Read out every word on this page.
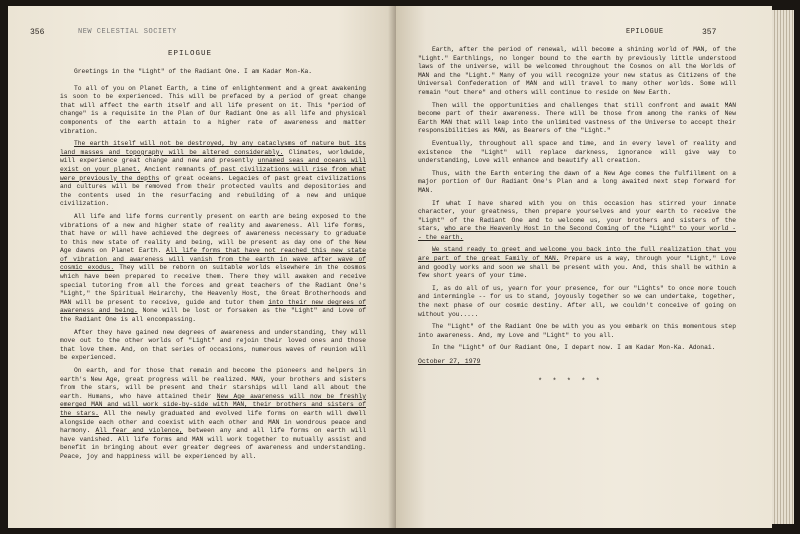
356	NEW CELESTIAL SOCIETY
EPILOGUE

Greetings in the "Light" of the Radiant One. I am Kadar Mon-Ka.

To all of you on Planet Earth, a time of enlightenment and a great awakening is soon to be experienced. This will be prefaced by a period of great change that will affect the earth itself and all life present on it. This "period of change" is a requisite in the Plan of Our Radiant One as all life and physical components of the earth attain to a higher rate of awareness and matter vibration.

The earth itself will not be destroyed, by any cataclysms of nature but its land masses and topography will be altered considerably. Climates, worldwide, will experience great change and new and presently unnamed seas and oceans will exist on your planet. Ancient remnants of past civilizations will rise from what were previously the depths of great oceans. Legacies of past great civilizations and cultures will be removed from their protected vaults and depositories and the contents used in the resurfacing and rebuilding of a new and unique civilization.

All life and life forms currently present on earth are being exposed to the vibrations of a new and higher state of reality and awareness. All life forms, that have or will have achieved the degrees of awareness necessary to graduate to this new state of reality and being, will be present as day one of the New Age dawns on Planet Earth. All life forms that have not reached this new state of vibration and awareness will vanish from the earth in wave after wave of cosmic exodus. They will be reborn on suitable worlds elsewhere in the cosmos which have been prepared to receive them. There they will awaken and receive special tutoring from all the forces and great teachers of the Radiant One's "Light," the Spiritual Heirarchy, the Heavenly Host, the Great Brotherhoods and MAN will be present to receive, guide and tutor them into their new degrees of awareness and being. None will be lost or forsaken as the "Light" and Love of the Radiant One is all encompassing.

After they have gained new degrees of awareness and understanding, they will move out to the other worlds of "Light" and rejoin their loved ones and those that love them. And, on that series of occasions, numerous waves of reunion will be experienced.

On earth, and for those that remain and become the pioneers and helpers in earth's New Age, great progress will be realized. MAN, your brothers and sisters from the stars, will be present and their starships will land all about the earth. Humans, who have attained their New Age awareness will now be freshly emerged MAN and will work side-by-side with MAN, their brothers and sisters of the stars. All the newly graduated and evolved life forms on earth will dwell alongside each other and coexist with each other and MAN in wondrous peace and harmony. All fear and violence, between any and all life forms on earth will have vanished. All life forms and MAN will work together to mutually assist and benefit in bringing about ever greater degrees of awareness and understanding. Peace, joy and happiness will be experienced by all.

EPILOGUE	357

Earth, after the period of renewal, will become a shining world of MAN, of the "Light." Earthlings, no longer bound to the earth by previously little understood laws of the universe, will be welcomed throughout the Cosmos on all the Worlds of MAN and the "Light." Many of you will recognize your new status as Citizens of the Universal Confederation of MAN and will travel to many other worlds. Some will remain "out there" and others will continue to reside on New Earth.

Then will the opportunities and challenges that still confront and await MAN become part of their awareness. There will be those from among the ranks of New Earth MAN that will leap into the unlimited vastness of the Universe to accept their responsibilities as MAN, as Bearers of the "Light."

Eventually, throughout all space and time, and in every level of reality and existence the "Light" will replace darkness, ignorance will give way to understanding, Love will enhance and beautify all creation.

Thus, with the Earth entering the dawn of a New Age comes the fulfillment on a major portion of Our Radiant One's Plan and a long awaited next step forward for MAN.

If what I have shared with you on this occasion has stirred your innate character, your greatness, then prepare yourselves and your earth to receive the "Light" of the Radiant One and to welcome us, your brothers and sisters of the stars, who are the Heavenly Host in the Second Coming of the "Light" to your world -- the earth.

We stand ready to greet and welcome you back into the full realization that you are part of the great Family of MAN. Prepare us a way, through your "Light," Love and goodly works and soon we shall be present with you. And, this shall be within a few short years of your time.

I, as do all of us, yearn for your presence, for our "Lights" to once more touch and intermingle -- for us to stand, joyously together so we can undertake, together, the next phase of our cosmic destiny. After all, we couldn't conceive of going on without you.....

The "Light" of the Radiant One be with you as you embark on this momentous step into awareness. And, my Love and "Light" to you all.

In the "Light" of Our Radiant One, I depart now. I am Kadar Mon-Ka. Adonai.

October 27, 1979
* * * * *
